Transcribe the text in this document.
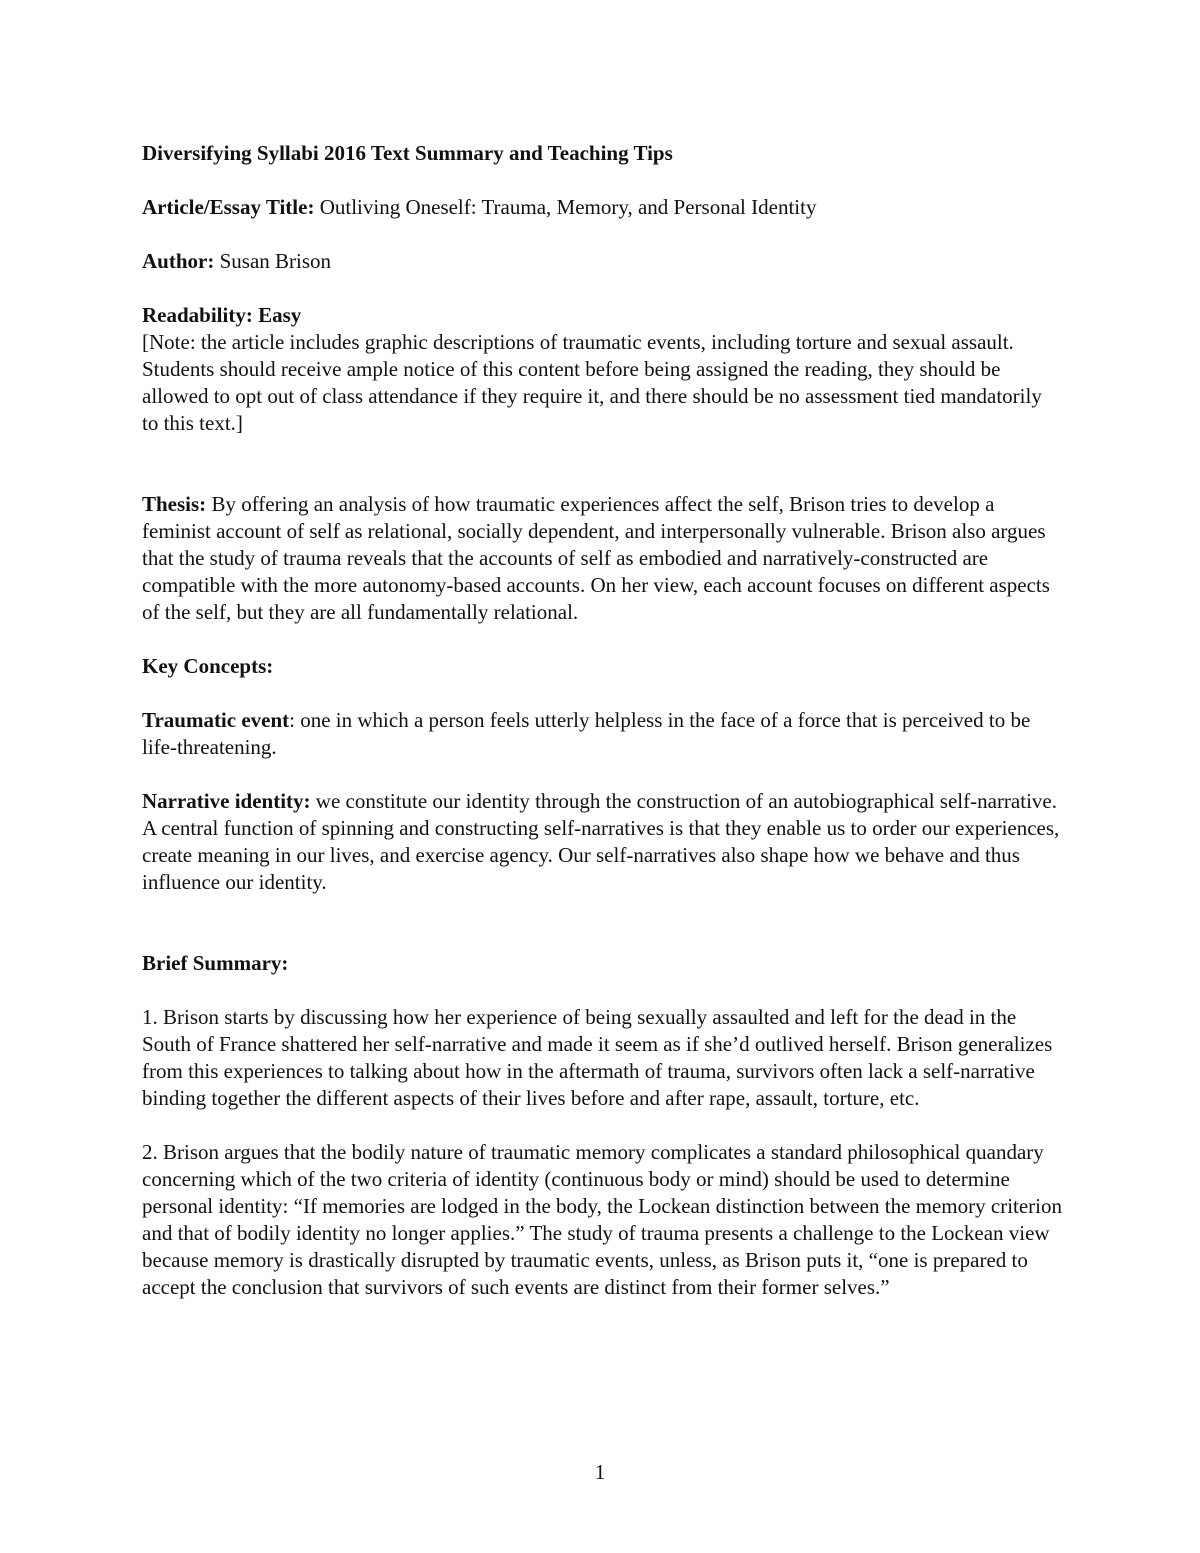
Diversifying Syllabi 2016 Text Summary and Teaching Tips

Article/Essay Title: Outliving Oneself: Trauma, Memory, and Personal Identity

Author: Susan Brison

Readability: Easy

[Note: the article includes graphic descriptions of traumatic events, including torture and sexual assault. Students should receive ample notice of this content before being assigned the reading, they should be allowed to opt out of class attendance if they require it, and there should be no assessment tied mandatorily to this text.]

Thesis: By offering an analysis of how traumatic experiences affect the self, Brison tries to develop a feminist account of self as relational, socially dependent, and interpersonally vulnerable. Brison also argues that the study of trauma reveals that the accounts of self as embodied and narratively-constructed are compatible with the more autonomy-based accounts. On her view, each account focuses on different aspects of the self, but they are all fundamentally relational.

Key Concepts:

Traumatic event: one in which a person feels utterly helpless in the face of a force that is perceived to be life-threatening.

Narrative identity: we constitute our identity through the construction of an autobiographical self-narrative. A central function of spinning and constructing self-narratives is that they enable us to order our experiences, create meaning in our lives, and exercise agency. Our self-narratives also shape how we behave and thus influence our identity.

Brief Summary:

1. Brison starts by discussing how her experience of being sexually assaulted and left for the dead in the South of France shattered her self-narrative and made it seem as if she’d outlived herself. Brison generalizes from this experiences to talking about how in the aftermath of trauma, survivors often lack a self-narrative binding together the different aspects of their lives before and after rape, assault, torture, etc.

2. Brison argues that the bodily nature of traumatic memory complicates a standard philosophical quandary concerning which of the two criteria of identity (continuous body or mind) should be used to determine personal identity: “If memories are lodged in the body, the Lockean distinction between the memory criterion and that of bodily identity no longer applies.” The study of trauma presents a challenge to the Lockean view because memory is drastically disrupted by traumatic events, unless, as Brison puts it, “one is prepared to accept the conclusion that survivors of such events are distinct from their former selves.”

1
